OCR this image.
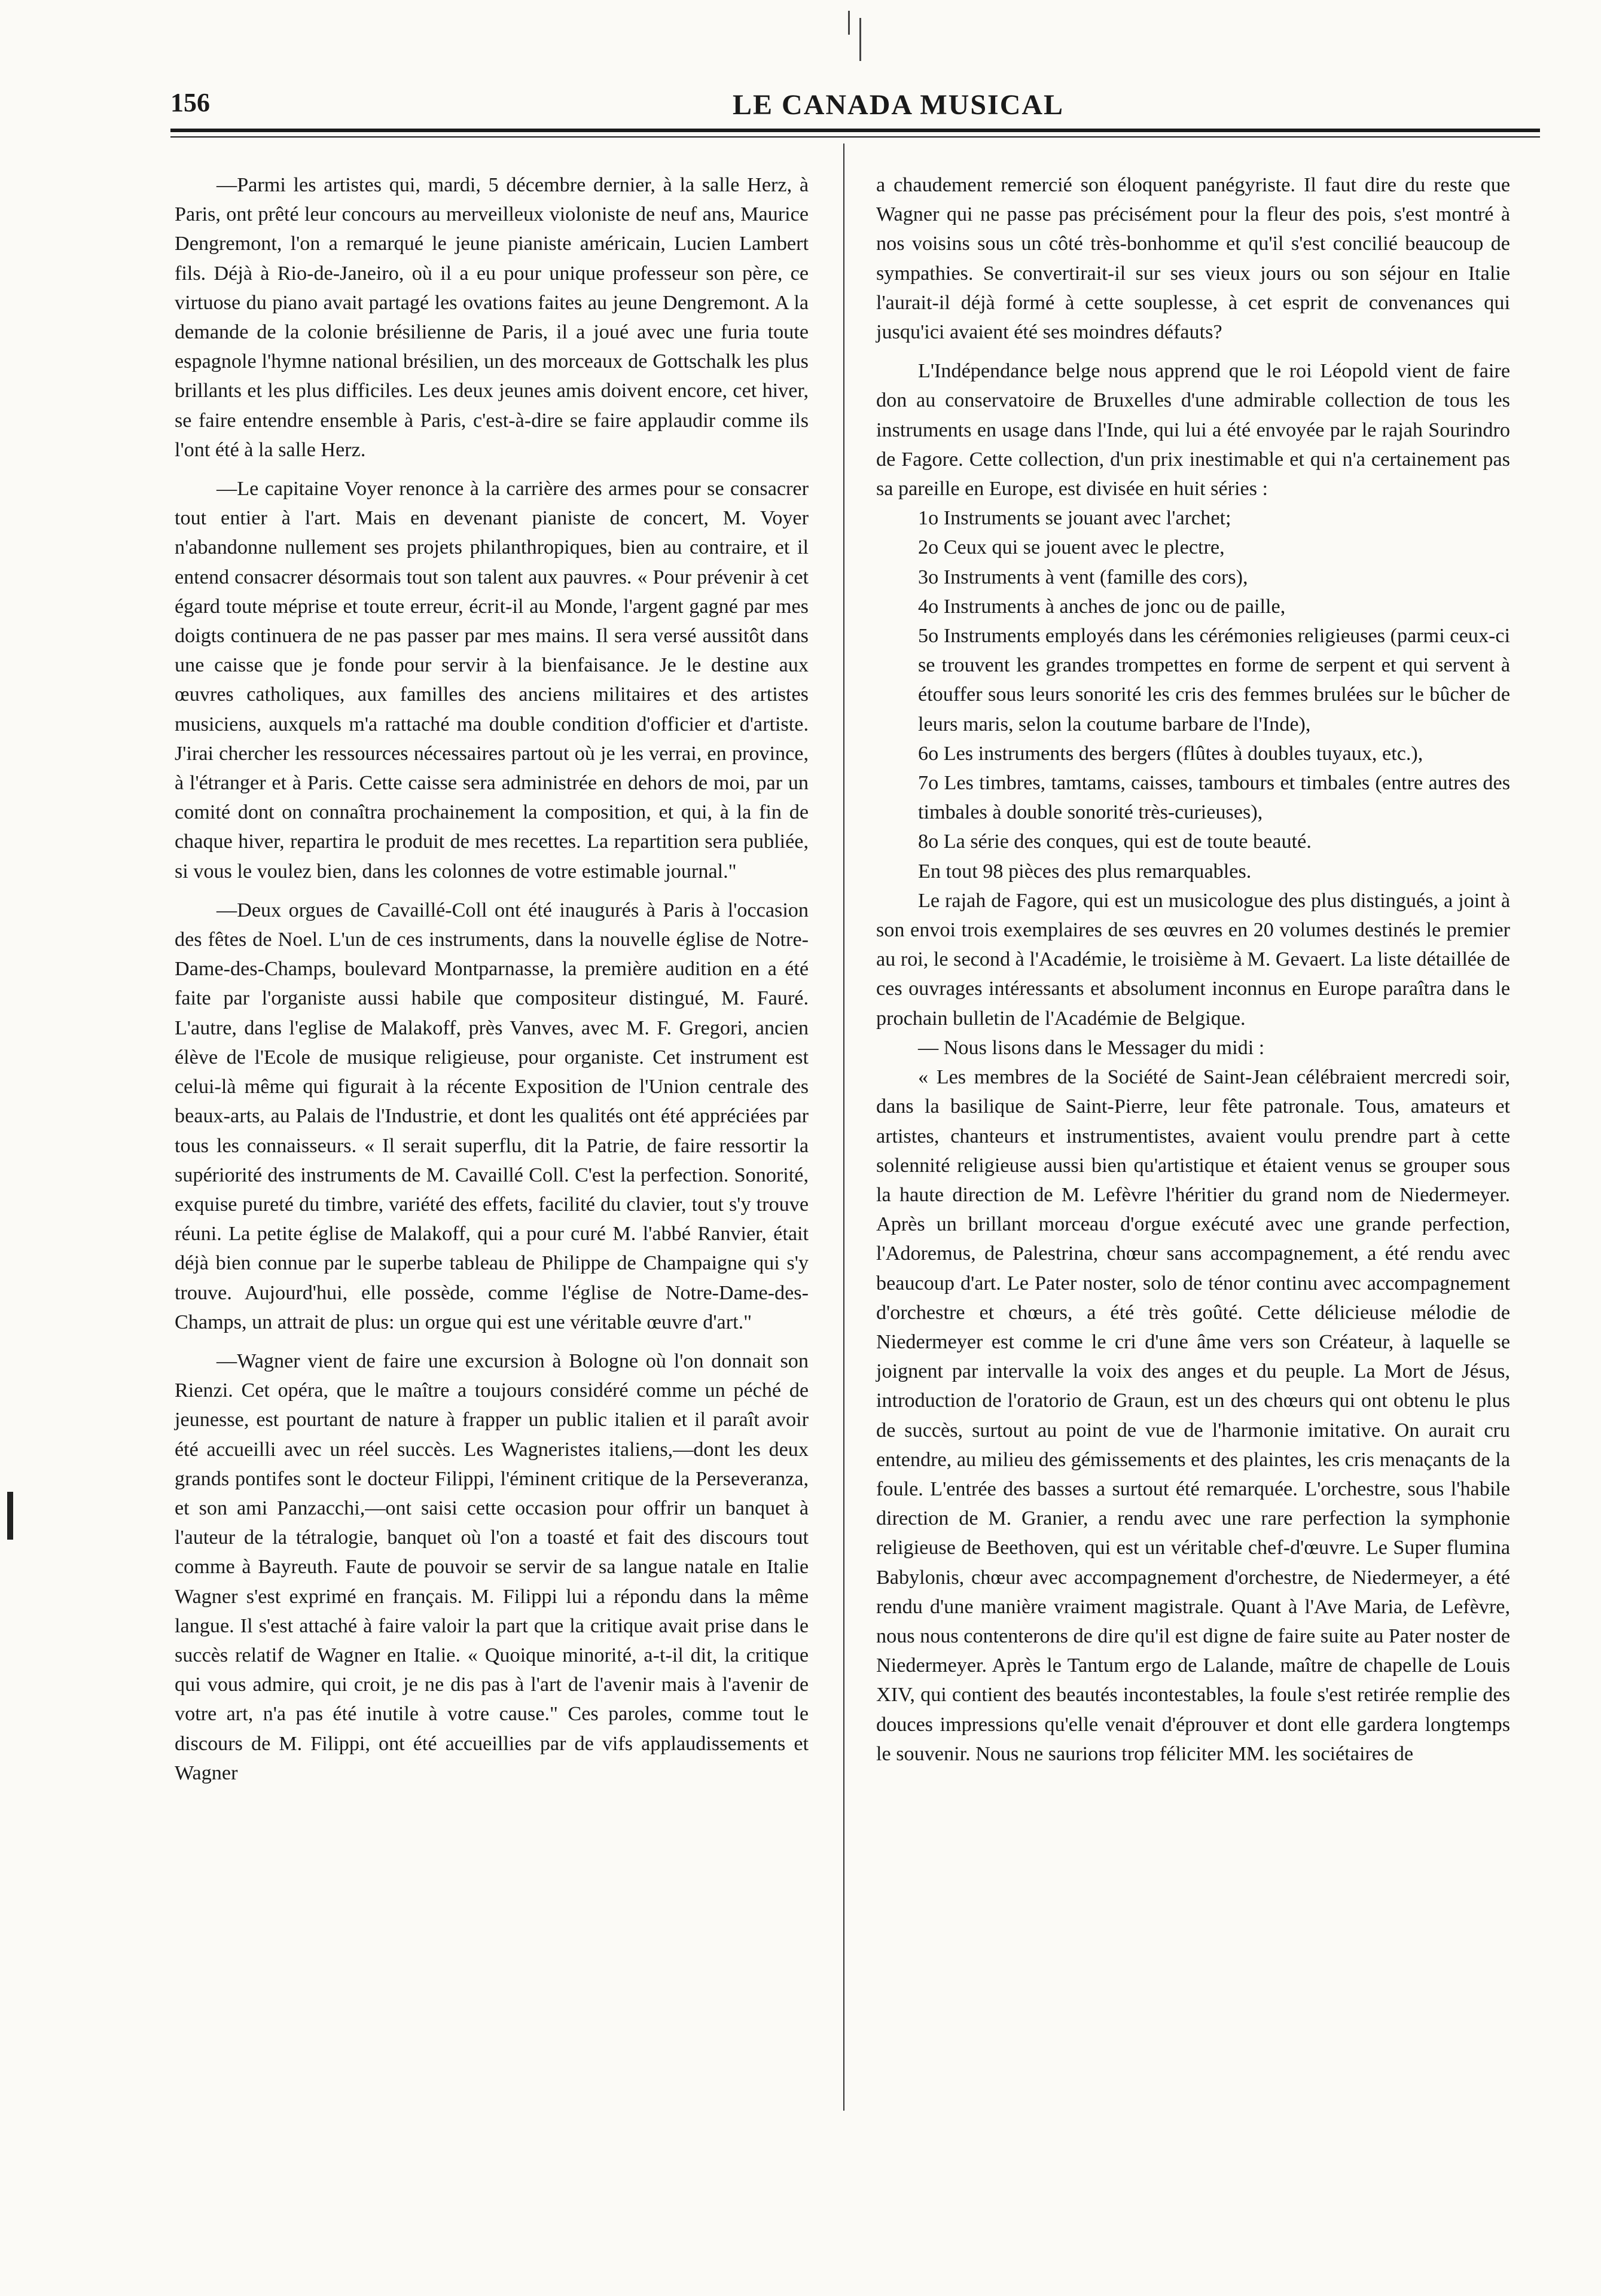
156	LE CANADA MUSICAL

—Parmi les artistes qui, mardi, 5 décembre dernier, à la salle Herz, à Paris, ont prêté leur concours au merveilleux violoniste de neuf ans, Maurice Dengremont, l'on a remarqué le jeune pianiste américain, Lucien Lambert fils. Déjà à Rio-de-Janeiro, où il a eu pour unique professeur son père, ce virtuose du piano avait partagé les ovations faites au jeune Dengremont. A la demande de la colonie brésilienne de Paris, il a joué avec une furia toute espagnole l'hymne national brésilien, un des morceaux de Gottschalk les plus brillants et les plus difficiles. Les deux jeunes amis doivent encore, cet hiver, se faire entendre ensemble à Paris, c'est-à-dire se faire applaudir comme ils l'ont été à la salle Herz.

—Le capitaine Voyer renonce à la carrière des armes pour se consacrer tout entier à l'art. Mais en devenant pianiste de concert, M. Voyer n'abandonne nullement ses projets philanthropiques, bien au contraire, et il entend consacrer désormais tout son talent aux pauvres. « Pour prévenir à cet égard toute méprise et toute erreur, écrit-il au Monde, l'argent gagné par mes doigts continuera de ne pas passer par mes mains. Il sera versé aussitôt dans une caisse que je fonde pour servir à la bienfaisance. Je le destine aux œuvres catholiques, aux familles des anciens militaires et des artistes musiciens, auxquels m'a rattaché ma double condition d'officier et d'artiste. J'irai chercher les ressources nécessaires partout où je les verrai, en province, à l'étranger et à Paris. Cette caisse sera administrée en dehors de moi, par un comité dont on connaîtra prochainement la composition, et qui, à la fin de chaque hiver, repartira le produit de mes recettes. La repartition sera publiée, si vous le voulez bien, dans les colonnes de votre estimable journal."

—Deux orgues de Cavaillé-Coll ont été inaugurés à Paris à l'occasion des fêtes de Noel. L'un de ces instruments, dans la nouvelle église de Notre-Dame-des-Champs, boulevard Montparnasse, la première audition en a été faite par l'organiste aussi habile que compositeur distingué, M. Fauré. L'autre, dans l'eglise de Malakoff, près Vanves, avec M. F. Gregori, ancien élève de l'Ecole de musique religieuse, pour organiste. Cet instrument est celui-là même qui figurait à la récente Exposition de l'Union centrale des beaux-arts, au Palais de l'Industrie, et dont les qualités ont été appréciées par tous les connaisseurs. « Il serait superflu, dit la Patrie, de faire ressortir la supériorité des instruments de M. Cavaillé Coll. C'est la perfection. Sonorité, exquise pureté du timbre, variété des effets, facilité du clavier, tout s'y trouve réuni. La petite église de Malakoff, qui a pour curé M. l'abbé Ranvier, était déjà bien connue par le superbe tableau de Philippe de Champaigne qui s'y trouve. Aujourd'hui, elle possède, comme l'église de Notre-Dame-des-Champs, un attrait de plus: un orgue qui est une véritable œuvre d'art."

—Wagner vient de faire une excursion à Bologne où l'on donnait son Rienzi. Cet opéra, que le maître a toujours considéré comme un péché de jeunesse, est pourtant de nature à frapper un public italien et il paraît avoir été accueilli avec un réel succès. Les Wagneristes italiens,—dont les deux grands pontifes sont le docteur Filippi, l'éminent critique de la Perseveranza, et son ami Panzacchi,—ont saisi cette occasion pour offrir un banquet à l'auteur de la tétralogie, banquet où l'on a toasté et fait des discours tout comme à Bayreuth. Faute de pouvoir se servir de sa langue natale en Italie Wagner s'est exprimé en français. M. Filippi lui a répondu dans la même langue. Il s'est attaché à faire valoir la part que la critique avait prise dans le succès relatif de Wagner en Italie. « Quoique minorité, a-t-il dit, la critique qui vous admire, qui croit, je ne dis pas à l'art de l'avenir mais à l'avenir de votre art, n'a pas été inutile à votre cause." Ces paroles, comme tout le discours de M. Filippi, ont été accueillies par de vifs applaudissements et Wagner

a chaudement remercié son éloquent panégyriste. Il faut dire du reste que Wagner qui ne passe pas précisément pour la fleur des pois, s'est montré à nos voisins sous un côté très-bonhomme et qu'il s'est concilié beaucoup de sympathies. Se convertirait-il sur ses vieux jours ou son séjour en Italie l'aurait-il déjà formé à cette souplesse, à cet esprit de convenances qui jusqu'ici avaient été ses moindres défauts?

L'Indépendance belge nous apprend que le roi Léopold vient de faire don au conservatoire de Bruxelles d'une admirable collection de tous les instruments en usage dans l'Inde, qui lui a été envoyée par le rajah Sourindro de Fagore. Cette collection, d'un prix inestimable et qui n'a certainement pas sa pareille en Europe, est divisée en huit séries :

1o Instruments se jouant avec l'archet;

2o Ceux qui se jouent avec le plectre,

3o Instruments à vent (famille des cors),

4o Instruments à anches de jonc ou de paille,

5o Instruments employés dans les cérémonies religieuses (parmi ceux-ci se trouvent les grandes trompettes en forme de serpent et qui servent à étouffer sous leurs sonorité les cris des femmes brulées sur le bûcher de leurs maris, selon la coutume barbare de l'Inde),

6o Les instruments des bergers (flûtes à doubles tuyaux, etc.),

7o Les timbres, tamtams, caisses, tambours et timbales (entre autres des timbales à double sonorité très-curieuses),

8o La série des conques, qui est de toute beauté.

En tout 98 pièces des plus remarquables.

Le rajah de Fagore, qui est un musicologue des plus distingués, a joint à son envoi trois exemplaires de ses œuvres en 20 volumes destinés le premier au roi, le second à l'Académie, le troisième à M. Gevaert. La liste détaillée de ces ouvrages intéressants et absolument inconnus en Europe paraîtra dans le prochain bulletin de l'Académie de Belgique.

— Nous lisons dans le Messager du midi :

« Les membres de la Société de Saint-Jean célébraient mercredi soir, dans la basilique de Saint-Pierre, leur fête patronale. Tous, amateurs et artistes, chanteurs et instrumentistes, avaient voulu prendre part à cette solennité religieuse aussi bien qu'artistique et étaient venus se grouper sous la haute direction de M. Lefèvre l'héritier du grand nom de Niedermeyer. Après un brillant morceau d'orgue exécuté avec une grande perfection, l'Adoremus, de Palestrina, chœur sans accompagnement, a été rendu avec beaucoup d'art. Le Pater noster, solo de ténor continu avec accompagnement d'orchestre et chœurs, a été très goûté. Cette délicieuse mélodie de Niedermeyer est comme le cri d'une âme vers son Créateur, à laquelle se joignent par intervalle la voix des anges et du peuple. La Mort de Jésus, introduction de l'oratorio de Graun, est un des chœurs qui ont obtenu le plus de succès, surtout au point de vue de l'harmonie imitative. On aurait cru entendre, au milieu des gémissements et des plaintes, les cris menaçants de la foule. L'entrée des basses a surtout été remarquée. L'orchestre, sous l'habile direction de M. Granier, a rendu avec une rare perfection la symphonie religieuse de Beethoven, qui est un véritable chef-d'œuvre. Le Super flumina Babylonis, chœur avec accompagnement d'orchestre, de Niedermeyer, a été rendu d'une manière vraiment magistrale. Quant à l'Ave Maria, de Lefèvre, nous nous contenterons de dire qu'il est digne de faire suite au Pater noster de Niedermeyer. Après le Tantum ergo de Lalande, maître de chapelle de Louis XIV, qui contient des beautés incontestables, la foule s'est retirée remplie des douces impressions qu'elle venait d'éprouver et dont elle gardera longtemps le souvenir. Nous ne saurions trop féliciter MM. les sociétaires de
